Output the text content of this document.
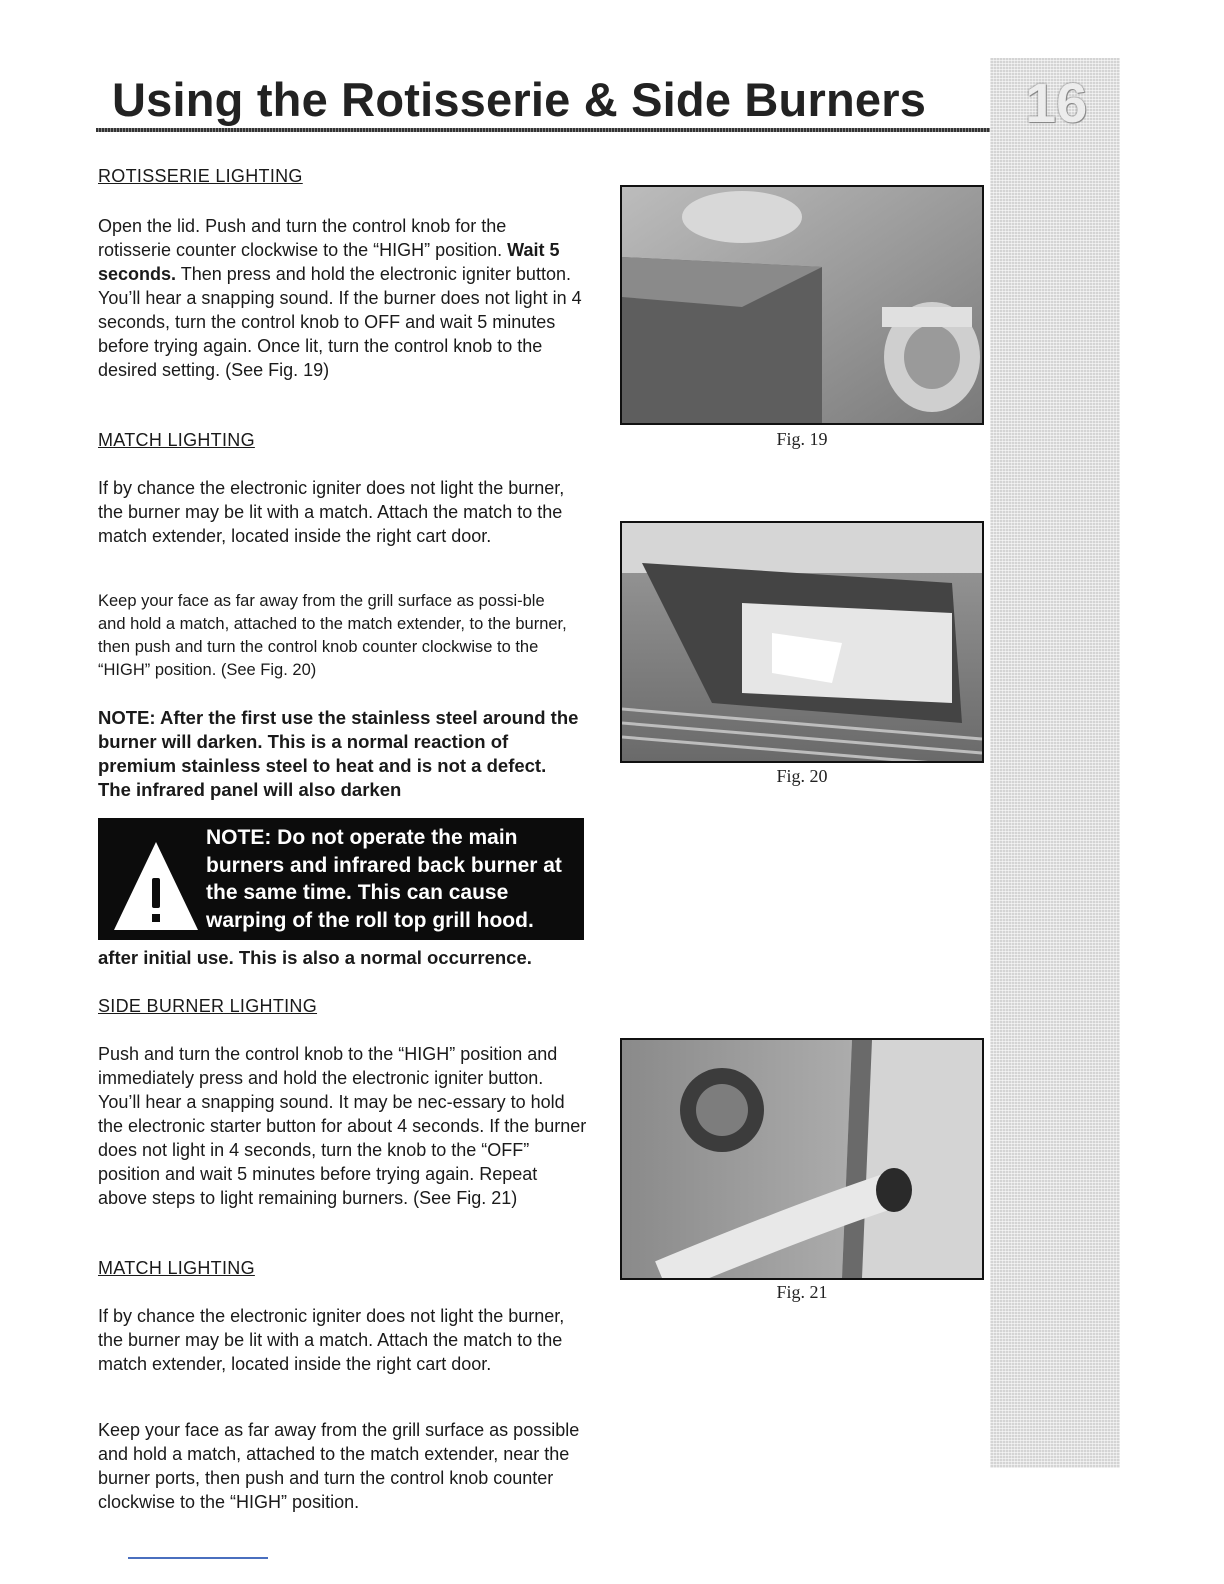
Using the Rotisserie & Side Burners 16

ROTISSERIE LIGHTING

Open the lid. Push and turn the control knob for the rotisserie counter clockwise to the “HIGH” position. Wait 5 seconds. Then press and hold the electronic igniter button. You’ll hear a snapping sound. If the burner does not light in 4 seconds, turn the control knob to OFF and wait 5 minutes before trying again. Once lit, turn the control knob to the desired setting. (See Fig. 19)

MATCH LIGHTING

If by chance the electronic igniter does not light the burner, the burner may be lit with a match. Attach the match to the match extender, located inside the right cart door.

Keep your face as far away from the grill surface as possi-ble and hold a match, attached to the match extender, to the burner, then push and turn the control knob counter clockwise to the “HIGH” position. (See Fig. 20)

NOTE: After the first use the stainless steel around the burner will darken. This is a normal reaction of premium stainless steel to heat and is not a defect. The infrared panel will also darken

NOTE: Do not operate the main burners and infrared back burner at the same time. This can cause warping of the roll top grill hood.

after initial use. This is also a normal occurrence.

SIDE BURNER LIGHTING

Push and turn the control knob to the “HIGH” position and immediately press and hold the electronic igniter button. You’ll hear a snapping sound. It may be nec-essary to hold the electronic starter button for about 4 seconds. If the burner does not light in 4 seconds, turn the knob to the “OFF” position and wait 5 minutes before trying again. Repeat above steps to light remaining burners. (See Fig. 21)

MATCH LIGHTING

If by chance the electronic igniter does not light the burner, the burner may be lit with a match. Attach the match to the match extender, located inside the right cart door.

Keep your face as far away from the grill surface as possible and hold a match, attached to the match extender, near the burner ports, then push and turn the control knob counter clockwise to the “HIGH” position.

Fig. 19
Fig. 20
Fig. 21
